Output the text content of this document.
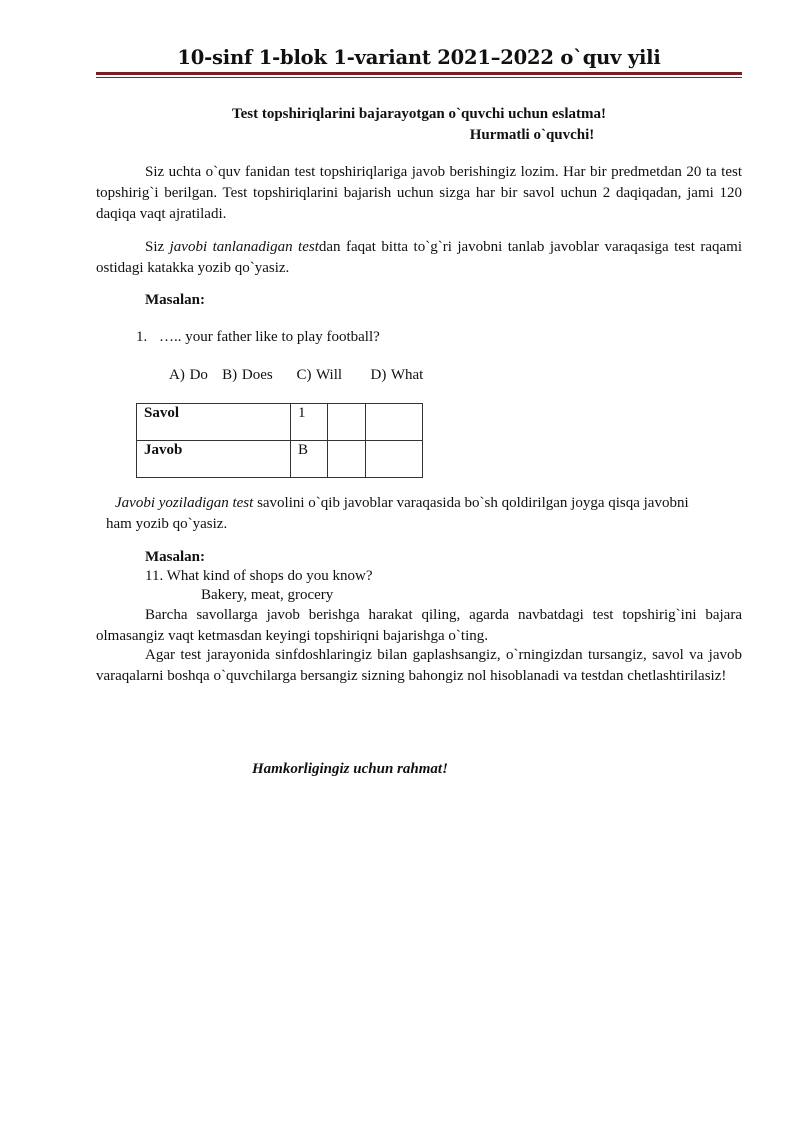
10-sinf 1-blok 1-variant 2021–2022 o`quv yili
Test topshiriqlarini bajarayotgan o`quvchi uchun eslatma!
Hurmatli o`quvchi!
Siz uchta o`quv fanidan test topshiriqlariga javob berishingiz lozim. Har bir predmetdan 20 ta test topshirig`i berilgan. Test topshiriqlarini bajarish uchun sizga har bir savol uchun 2 daqiqadan, jami 120 daqiqa vaqt ajratiladi.
Siz javobi tanlanadigan testdan faqat bitta to`g`ri javobni tanlab javoblar varaqasiga test raqami ostidagi katakka yozib qo`yasiz.
Masalan:
1. ….. your father like to play football?
A) Do   B) Does     C) Will      D) What
Savol	1		
Javob	B		
Javobi yoziladigan test savolini o`qib javoblar varaqasida bo`sh qoldirilgan joyga qisqa javobni
ham yozib qo`yasiz.
Masalan:
11. What kind of shops do you know?
Bakery, meat, grocery
Barcha savollarga javob berishga harakat qiling, agarda navbatdagi test topshirig`ini bajara olmasangiz vaqt ketmasdan keyingi topshiriqni bajarishga o`ting.
Agar test jarayonida sinfdoshlaringiz bilan gaplashsangiz, o`rningizdan tursangiz, savol va javob varaqalarni boshqa o`quvchilarga bersangiz sizning bahongiz nol hisoblanadi va testdan chetlashtirilasiz!
Hamkorligingiz uchun rahmat!
